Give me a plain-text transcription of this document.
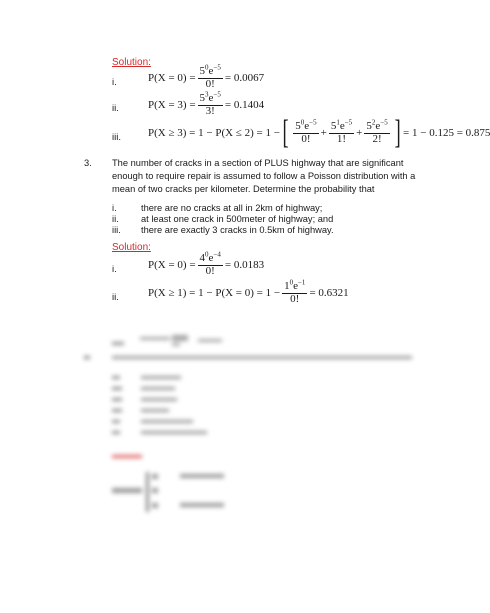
Solution:
i.	$P(X = 0) = \frac{5^0e^{-5}}{0!} = 0.0067$
ii.	$P(X = 3) = \frac{5^3e^{-5}}{3!} = 0.1404$
iii. P(X ≥ 3) = 1 − P(X ≤ 2) = 1 − [ $\frac{5^0e^{-5}}{0!} + \frac{5^1e^{-5}}{1!} + \frac{5^2e^{-5}}{2!}$ ] = 1 − 0.125 = 0.875
3. The number of cracks in a section of PLUS highway that are significant enough to require repair is assumed to follow a Poisson distribution with a mean of two cracks per kilometer. Determine the probability that
i.	there are no cracks at all in 2km of highway;
ii. at least one crack in 500meter of highway; and
iii. there are exactly 3 cracks in 0.5km of highway.
Solution:
i.	$P(X = 0) = \frac{4^0e^{-4}}{0!} = 0.0183$
ii.	$P(X \ge 1) = 1 - P(X = 0) = 1 - \frac{1^0e^{-1}}{0!} = 0.6321$
